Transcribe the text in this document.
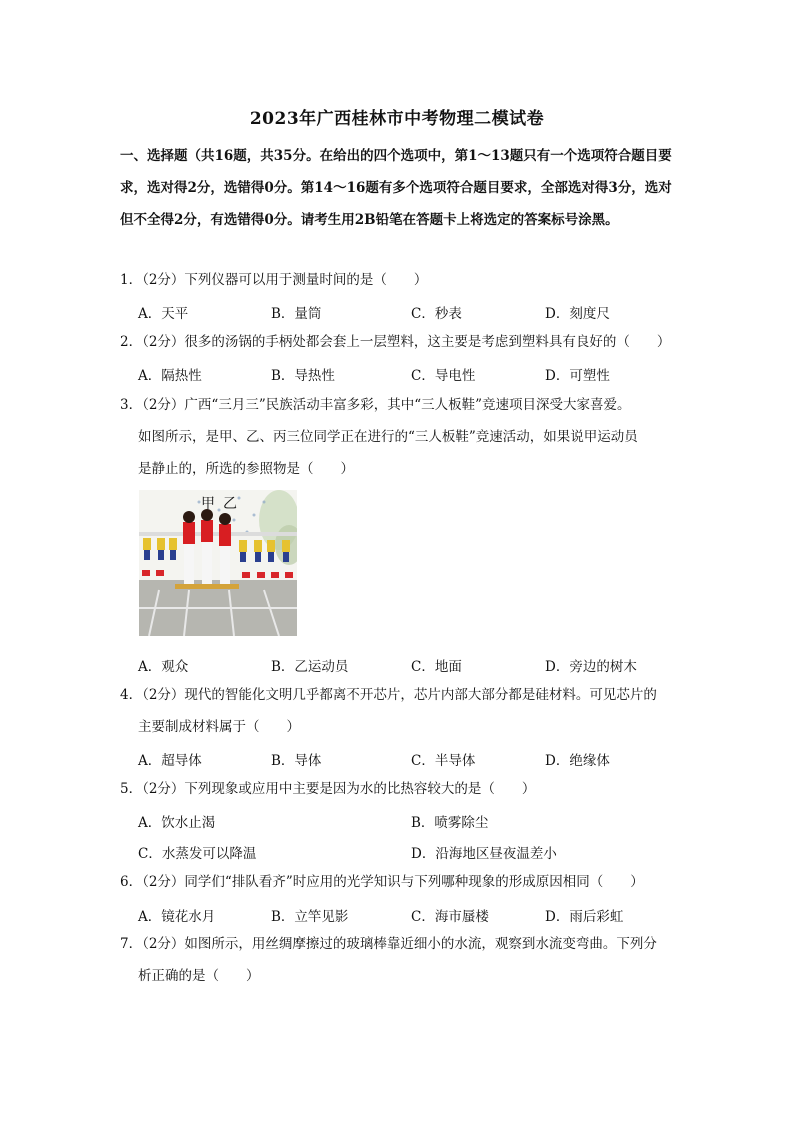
2023年广西桂林市中考物理二模试卷
一、选择题（共16题，共35分。在给出的四个选项中，第1～13题只有一个选项符合题目要求，选对得2分，选错得0分。第14～16题有多个选项符合题目要求，全部选对得3分，选对但不全得2分，有选错得0分。请考生用2B铅笔在答题卡上将选定的答案标号涂黑。
1．（2分）下列仪器可以用于测量时间的是（　　）
A．天平	B．量筒	C．秒表	D．刻度尺
2．（2分）很多的汤锅的手柄处都会套上一层塑料，这主要是考虑到塑料具有良好的（　　）
A．隔热性	B．导热性	C．导电性	D．可塑性
3．（2分）广西“三月三”民族活动丰富多彩，其中“三人板鞋”竞速项目深受大家喜爱。
如图所示，是甲、乙、丙三位同学正在进行的“三人板鞋”竞速活动，如果说甲运动员
是静止的，所选的参照物是（　　）
甲 乙
A．观众	B．乙运动员	C．地面	D．旁边的树木
4．（2分）现代的智能化文明几乎都离不开芯片，芯片内部大部分都是硅材料。可见芯片的
主要制成材料属于（　　）
A．超导体	B．导体	C．半导体	D．绝缘体
5．（2分）下列现象或应用中主要是因为水的比热容较大的是（　　）
A．饮水止渴	B．喷雾除尘
C．水蒸发可以降温	D．沿海地区昼夜温差小
6．（2分）同学们“排队看齐”时应用的光学知识与下列哪种现象的形成原因相同（　　）
A．镜花水月	B．立竿见影	C．海市蜃楼	D．雨后彩虹
7．（2分）如图所示，用丝绸摩擦过的玻璃棒靠近细小的水流，观察到水流变弯曲。下列分
析正确的是（　　）
